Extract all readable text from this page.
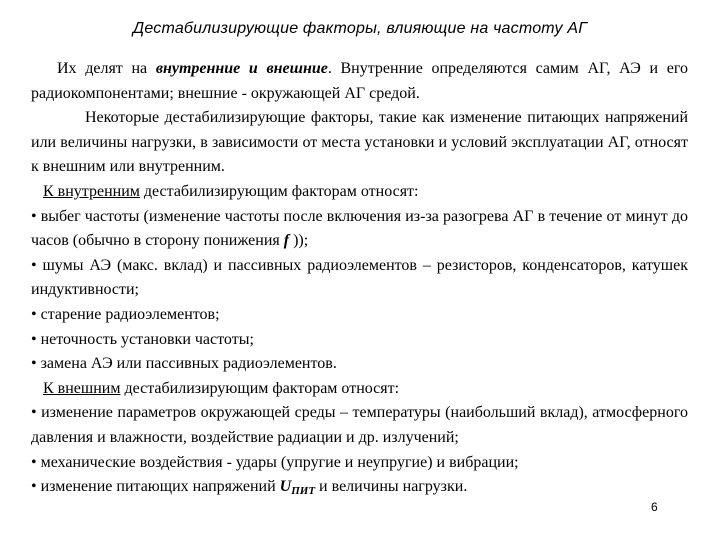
Дестабилизирующие факторы, влияющие на частоту АГ

Их делят на внутренние и внешние. Внутренние определяются самим АГ, АЭ и его радиокомпонентами; внешние - окружающей АГ средой.

Некоторые дестабилизирующие факторы, такие как изменение питающих напряжений или величины нагрузки, в зависимости от места установки и условий эксплуатации АГ, относят к внешним или внутренним.

К внутренним дестабилизирующим факторам относят:

• выбег частоты (изменение частоты после включения из-за разогрева АГ в течение от минут до часов (обычно в сторону понижения f ));

• шумы АЭ (макс. вклад) и пассивных радиоэлементов – резисторов, конденсаторов, катушек индуктивности;

• старение радиоэлементов;

• неточность установки частоты;

• замена АЭ или пассивных радиоэлементов.

К внешним дестабилизирующим факторам относят:

• изменение параметров окружающей среды – температуры (наибольший вклад), атмосферного давления и влажности, воздействие радиации и др. излучений;

• механические воздействия - удары (упругие и неупругие) и вибрации;

• изменение питающих напряжений $U_{ПИТ}$ и величины нагрузки.

6
